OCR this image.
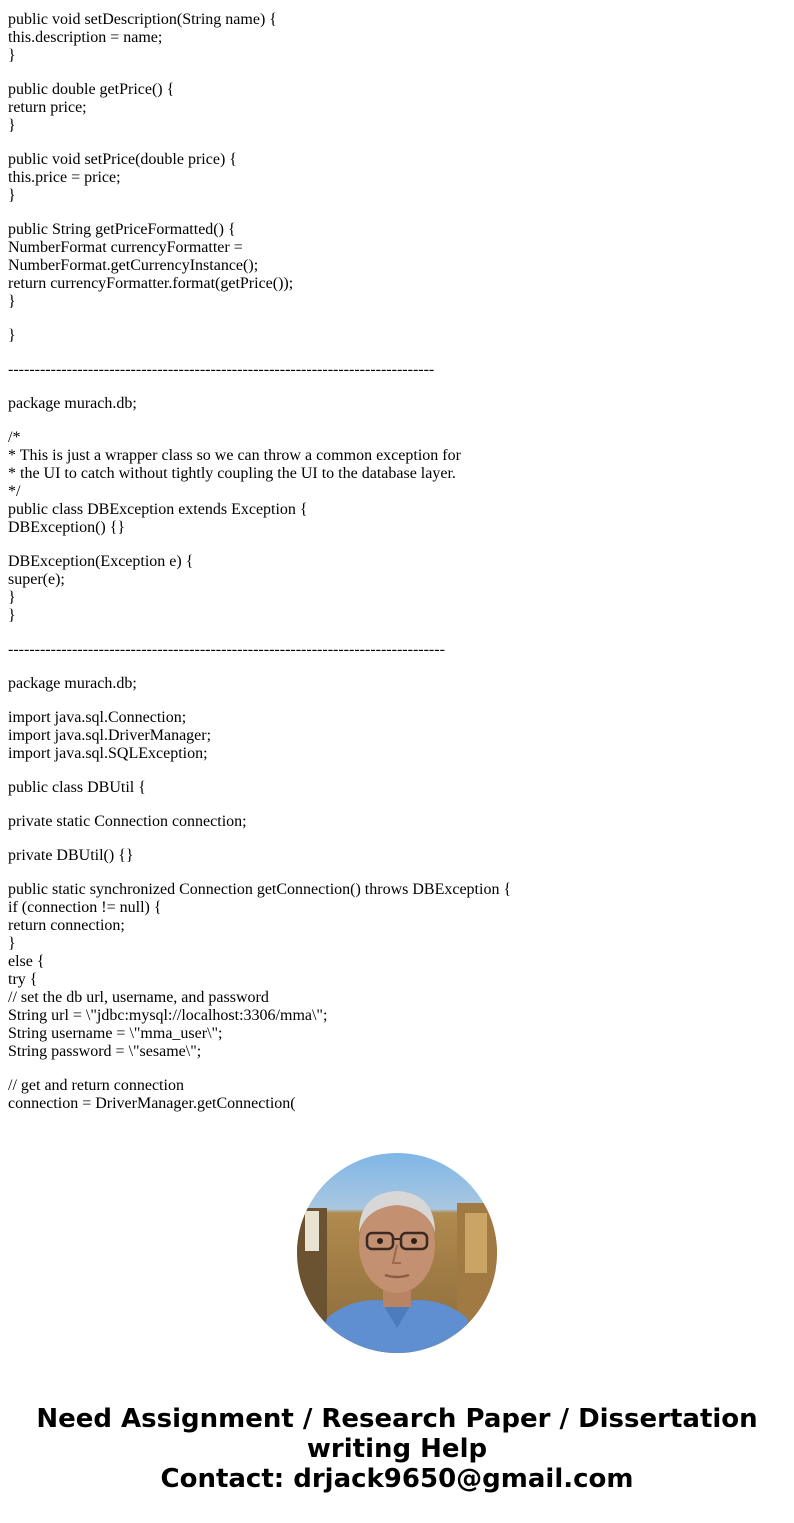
public void setDescription(String name) {
this.description = name;
}
public double getPrice() {
return price;
}
public void setPrice(double price) {
this.price = price;
}
public String getPriceFormatted() {
NumberFormat currencyFormatter =
NumberFormat.getCurrencyInstance();
return currencyFormatter.format(getPrice());
}
}
--------------------------------------------------------------------------------
package murach.db;
/*
* This is just a wrapper class so we can throw a common exception for
* the UI to catch without tightly coupling the UI to the database layer.
*/
public class DBException extends Exception {
DBException() {}
DBException(Exception e) {
super(e);
}
}
----------------------------------------------------------------------------------
package murach.db;
import java.sql.Connection;
import java.sql.DriverManager;
import java.sql.SQLException;
public class DBUtil {
private static Connection connection;
private DBUtil() {}
public static synchronized Connection getConnection() throws DBException {
if (connection != null) {
return connection;
}
else {
try {
// set the db url, username, and password
String url = \"jdbc:mysql://localhost:3306/mma\";
String username = \"mma_user\";
String password = \"sesame\";
// get and return connection
connection = DriverManager.getConnection(
Need Assignment / Research Paper / Dissertation
writing Help
Contact: drjack9650@gmail.com
